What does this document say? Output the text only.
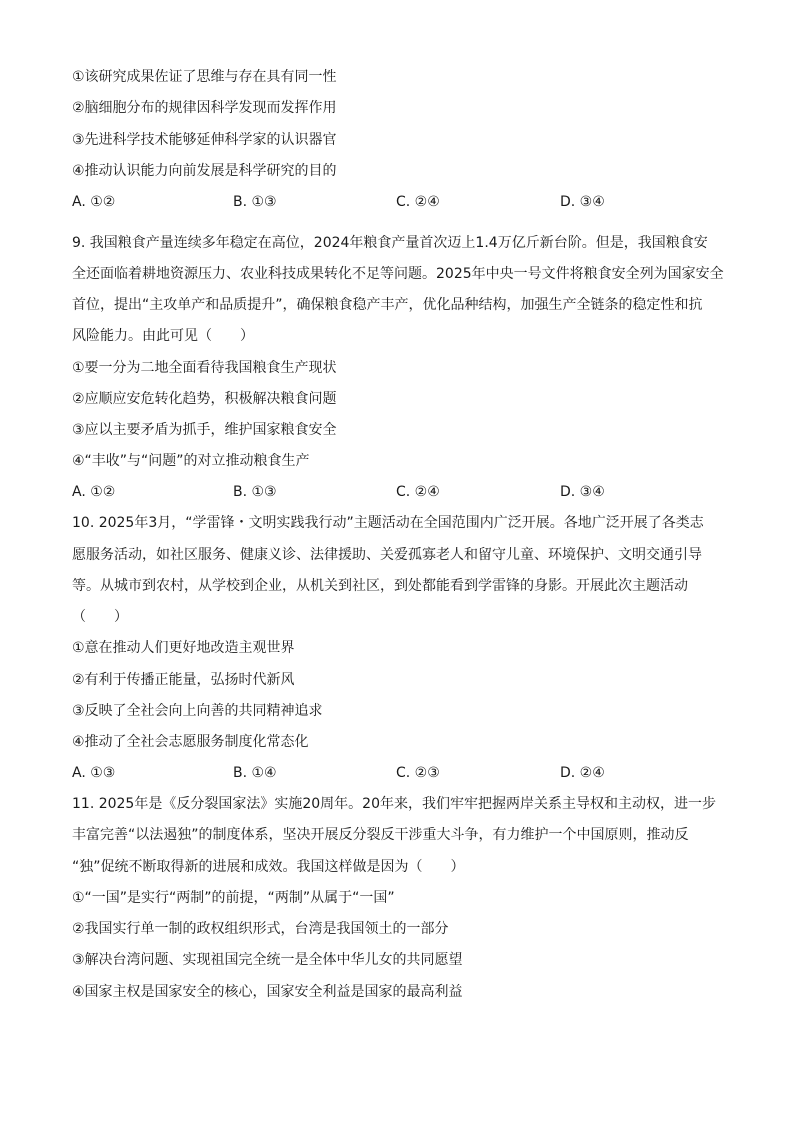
①该研究成果佐证了思维与存在具有同一性
②脑细胞分布的规律因科学发现而发挥作用
③先进科学技术能够延伸科学家的认识器官
④推动认识能力向前发展是科学研究的目的
A. ①②	B. ①③	C. ②④	D. ③④
9. 我国粮食产量连续多年稳定在高位，2024年粮食产量首次迈上1.4万亿斤新台阶。但是，我国粮食安
全还面临着耕地资源压力、农业科技成果转化不足等问题。2025年中央一号文件将粮食安全列为国家安全
首位，提出“主攻单产和品质提升”，确保粮食稳产丰产，优化品种结构，加强生产全链条的稳定性和抗
风险能力。由此可见（　　）
①要一分为二地全面看待我国粮食生产现状
②应顺应安危转化趋势，积极解决粮食问题
③应以主要矛盾为抓手，维护国家粮食安全
④“丰收”与“问题”的对立推动粮食生产
A. ①②	B. ①③	C. ②④	D. ③④
10. 2025年3月，“学雷锋・文明实践我行动”主题活动在全国范围内广泛开展。各地广泛开展了各类志
愿服务活动，如社区服务、健康义诊、法律援助、关爱孤寡老人和留守儿童、环境保护、文明交通引导
等。从城市到农村，从学校到企业，从机关到社区，到处都能看到学雷锋的身影。开展此次主题活动
（　　）
①意在推动人们更好地改造主观世界
②有利于传播正能量，弘扬时代新风
③反映了全社会向上向善的共同精神追求
④推动了全社会志愿服务制度化常态化
A. ①③	B. ①④	C. ②③	D. ②④
11. 2025年是《反分裂国家法》实施20周年。20年来，我们牢牢把握两岸关系主导权和主动权，进一步
丰富完善“以法遏独”的制度体系，坚决开展反分裂反干涉重大斗争，有力维护一个中国原则，推动反
“独”促统不断取得新的进展和成效。我国这样做是因为（　　）
①“一国”是实行“两制”的前提，“两制”从属于“一国”
②我国实行单一制的政权组织形式，台湾是我国领土的一部分
③解决台湾问题、实现祖国完全统一是全体中华儿女的共同愿望
④国家主权是国家安全的核心，国家安全利益是国家的最高利益
